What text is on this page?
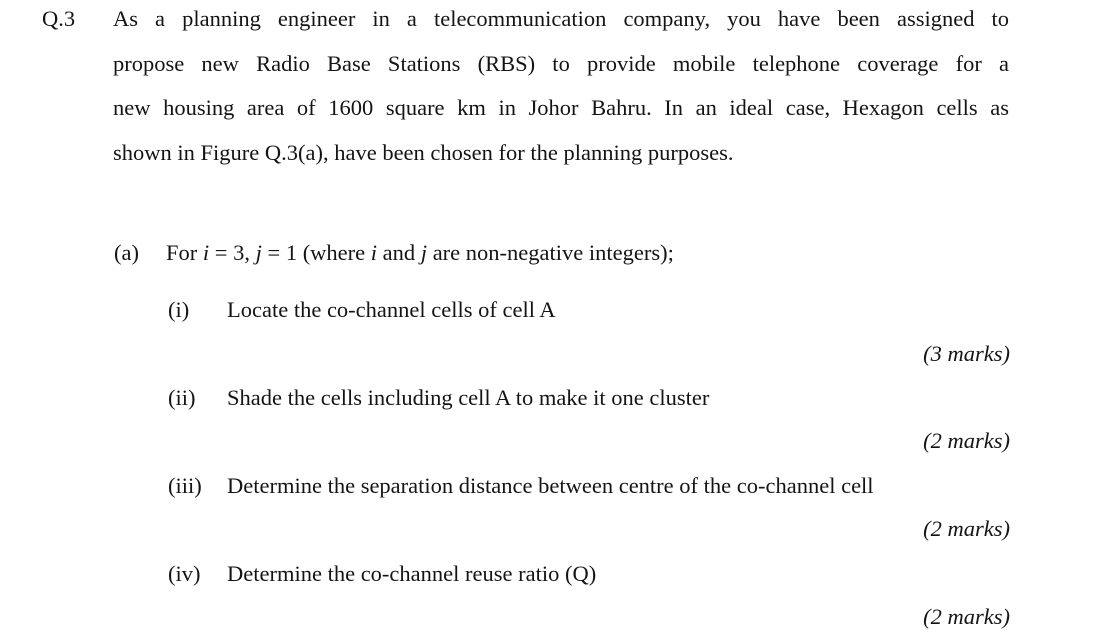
Q.3 As a planning engineer in a telecommunication company, you have been assigned to
propose new Radio Base Stations (RBS) to provide mobile telephone coverage for a
new housing area of 1600 square km in Johor Bahru. In an ideal case, Hexagon cells as
shown in Figure Q.3(a), have been chosen for the planning purposes.
(a) For i = 3, j = 1 (where i and j are non-negative integers);
(i) Locate the co-channel cells of cell A
(3 marks)
(ii) Shade the cells including cell A to make it one cluster
(2 marks)
(iii) Determine the separation distance between centre of the co-channel cell
(2 marks)
(iv) Determine the co-channel reuse ratio (Q)
(2 marks)
